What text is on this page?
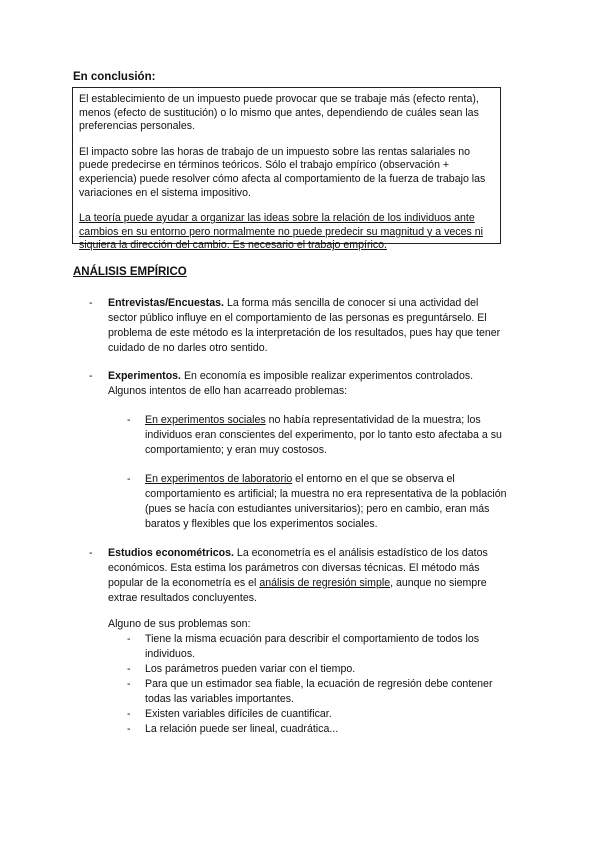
En conclusión:

El establecimiento de un impuesto puede provocar que se trabaje más (efecto renta), menos (efecto de sustitución) o lo mismo que antes, dependiendo de cuáles sean las preferencias personales.

El impacto sobre las horas de trabajo de un impuesto sobre las rentas salariales no puede predecirse en términos teóricos. Sólo el trabajo empírico (observación + experiencia) puede resolver cómo afecta al comportamiento de la fuerza de trabajo las variaciones en el sistema impositivo.

La teoría puede ayudar a organizar las ideas sobre la relación de los individuos ante cambios en su entorno pero normalmente no puede predecir su magnitud y a veces ni siquiera la dirección del cambio. Es necesario el trabajo empírico.

ANÁLISIS EMPÍRICO
- Entrevistas/Encuestas. La forma más sencilla de conocer si una actividad del sector público influye en el comportamiento de las personas es preguntárselo. El problema de este método es la interpretación de los resultados, pues hay que tener cuidado de no darles otro sentido.
- Experimentos. En economía es imposible realizar experimentos controlados. Algunos intentos de ello han acarreado problemas:
- En experimentos sociales no había representatividad de la muestra; los individuos eran conscientes del experimento, por lo tanto esto afectaba a su comportamiento; y eran muy costosos.
- En experimentos de laboratorio el entorno en el que se observa el comportamiento es artificial; la muestra no era representativa de la población (pues se hacía con estudiantes universitarios); pero en cambio, eran más baratos y flexibles que los experimentos sociales.
- Estudios econométricos. La econometría es el análisis estadístico de los datos económicos. Esta estima los parámetros con diversas técnicas. El método más popular de la econometría es el análisis de regresión simple, aunque no siempre extrae resultados concluyentes.
Alguno de sus problemas son:
- Tiene la misma ecuación para describir el comportamiento de todos los individuos.
- Los parámetros pueden variar con el tiempo.
- Para que un estimador sea fiable, la ecuación de regresión debe contener todas las variables importantes.
- Existen variables difíciles de cuantificar.
- La relación puede ser lineal, cuadrática...
